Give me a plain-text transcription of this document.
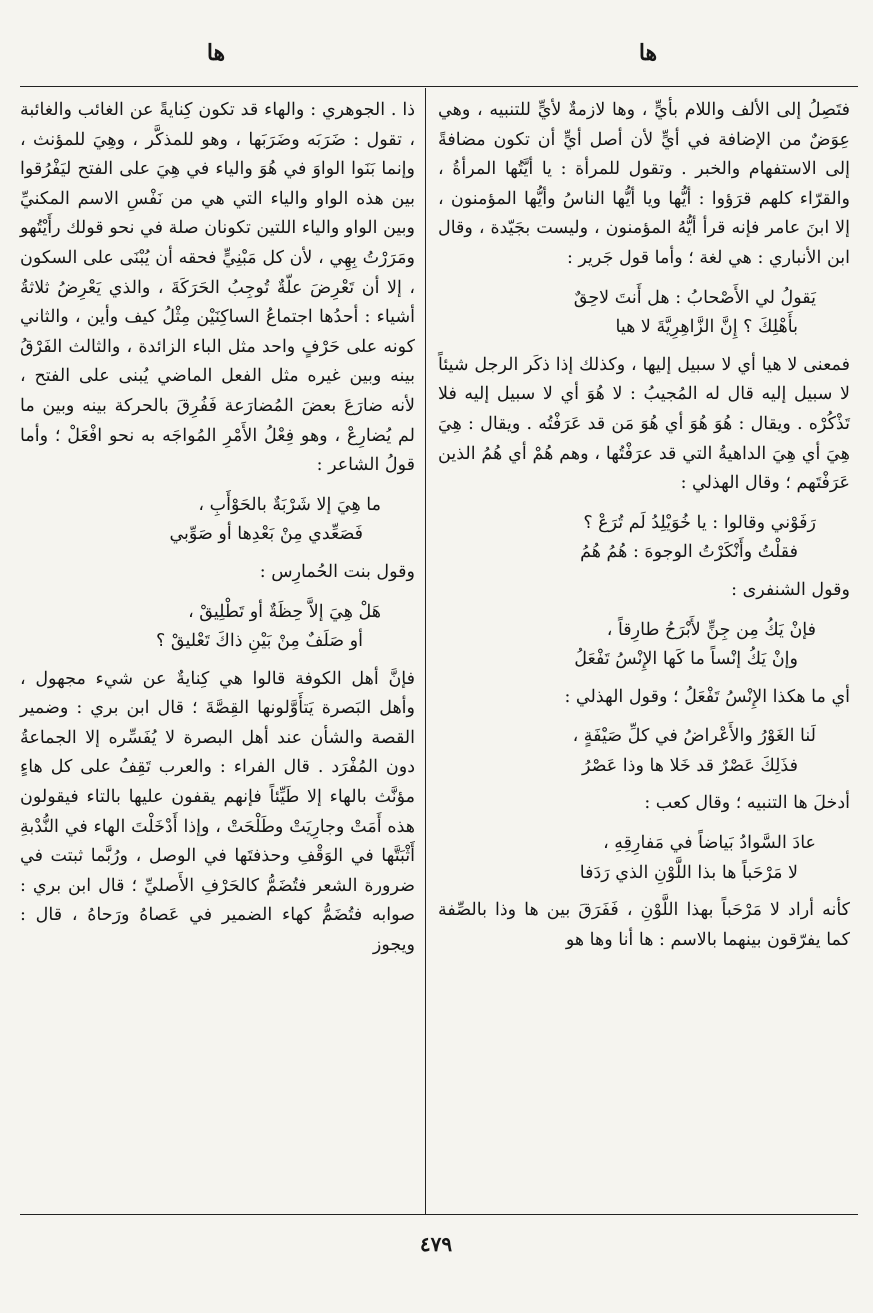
ها
ها

فتَصِلُ إلى الألف واللام بأيٍّ ، وها لازمةٌ لأيٍّ للتنبيه ، وهي عِوَضٌ من الإضافة في أيٍّ لأن أصل أيٍّ أن تكون مضافةً إلى الاستفهام والخبر . وتقول للمرأة : يا أيَّتُها المرأةُ ، والقرّاء كلهم قرَؤوا : أيُّها ويا أيُّها الناسُ وأيُّها المؤمنون ، إلا ابنَ عامر فإنه قرأ أيُّهُ المؤمنون ، وليست بجَيّدة ، وقال ابن الأنباري : هي لغة ؛ وأما قول جَرير :

يَقولُ لي الأَصْحابُ : هل أَنتَ لاحِقٌ
بأَهْلِكَ ؟ إِنَّ الزَّاهِرِيَّةَ لا هيا

فمعنى لا هيا أي لا سبيل إليها ، وكذلك إذا ذكَر الرجل شيئاً لا سبيل إليه قال له المُجيبُ : لا هُوَ أي لا سبيل إليه فلا تَذْكُرْه . ويقال : هُوَ هُوَ أي هُوَ مَن قد عَرَفْتُه . ويقال : هِيَ هِيَ أي هِيَ الداهيةُ التي قد عرَفْتُها ، وهم هُمْ أي هُمُ الذين عَرَفْتَهم ؛ وقال الهذلي :

رَفَوْني وقالوا : يا خُوَيْلِدُ لَم تُرَعْ ؟
فقلْتُ وأَنْكَرْتُ الوجوهَ : هُمُ هُمُ

وقول الشنفرى :

فإنْ يَكُ مِن جِنٍّ لأَبْرَحُ طارِقاً ،
وإنْ يَكُ إنْساً ما كَها الإِنْسُ تَفْعَلُ

أي ما هكذا الإِنْسُ تَفْعَلُ ؛ وقول الهذلي :

لَنا الغَوْرُ والأَعْراضُ في كلِّ صَيْفَةٍ ،
فذَلِكَ عَصْرٌ قد خَلا ها وذا عَصْرُ

أدخلَ ها التنبيه ؛ وقال كعب :

عادَ السَّوادُ بَياضاً في مَفارِقِهِ ،
لا مَرْحَباً ها بذا اللَّوْنِ الذي رَدَفا

كأنه أراد لا مَرْحَباً بهذا اللَّوْنِ ، فَفَرَقَ بين ها وذا بالصِّفة كما يفرّقون بينهما بالاسم : ها أنا وها هو

ذا . الجوهري : والهاء قد تكون كِنايةً عن الغائب والغائبة ، تقول : ضَرَبَه وضَرَبَها ، وهو للمذكَّر ، وهِيَ للمؤنث ، وإنما بَنَوا الواوَ في هُوَ والياء في هِيَ على الفتح ليَفْرُقوا بين هذه الواو والياء التي هي من نَفْسِ الاسم المكنيِّ وبين الواو والياء اللتين تكونان صلة في نحو قولك رأَيْتُهو ومَرَرْتُ بِهِي ، لأن كل مَبْنِيٍّ فحقه أن يُبْنَى على السكون ، إلا أن تَعْرِضَ علّةٌ تُوجِبُ الحَرَكَةَ ، والذي يَعْرِضُ ثلاثةُ أشياء : أحدُها اجتماعُ الساكِنَيْن مِثْلُ كيف وأين ، والثاني كونه على حَرْفٍ واحد مثل الباء الزائدة ، والثالث الفَرْقُ بينه وبين غيره مثل الفعل الماضي يُبنى على الفتح ، لأنه ضارَعَ بعضَ المُضارَعة فَفُرِقَ بالحركة بينه وبين ما لم يُضارِعْ ، وهو فِعْلُ الأَمْرِ المُواجَه به نحو افْعَلْ ؛ وأما قولُ الشاعر :

ما هِيَ إلا شَرْبَةٌ بالحَوْأَبِ ،
فَصَعِّدي مِنْ بَعْدِها أو صَوِّبي

وقول بنت الحُمارِس :

هَلْ هِيَ إلاَّ حِظَةٌ أو تَطْلِيقْ ،
أو صَلَفٌ مِنْ بَيْنِ ذاكَ تَعْليقْ ؟

فإنَّ أهل الكوفة قالوا هي كِنايةٌ عن شيء مجهول ، وأهل البَصرة يَتأَوَّلونها القِصَّةَ ؛ قال ابن بري : وضمير القصة والشأن عند أهل البصرة لا يُفَسِّره إلا الجماعةُ دون المُفْرَد . قال الفراء : والعرب تَقِفُ على كل هاءٍ مؤنَّث بالهاء إلا طَيِّئاً فإنهم يقفون عليها بالتاء فيقولون هذه أَمَتْ وجارِيَتْ وطَلْحَتْ ، وإذا أَدْخَلْتَ الهاء في النُّدْبةِ أَثْبَتَّها في الوَقْفِ وحذفتَها في الوصل ، ورُبَّما ثبتت في ضرورة الشعر فتُضَمُّ كالحَرْفِ الأَصليِّ ؛ قال ابن بري : صوابه فتُضَمُّ كهاء الضمير في عَصاهُ ورَحاهُ ، قال : ويجوز

٤٧٩
